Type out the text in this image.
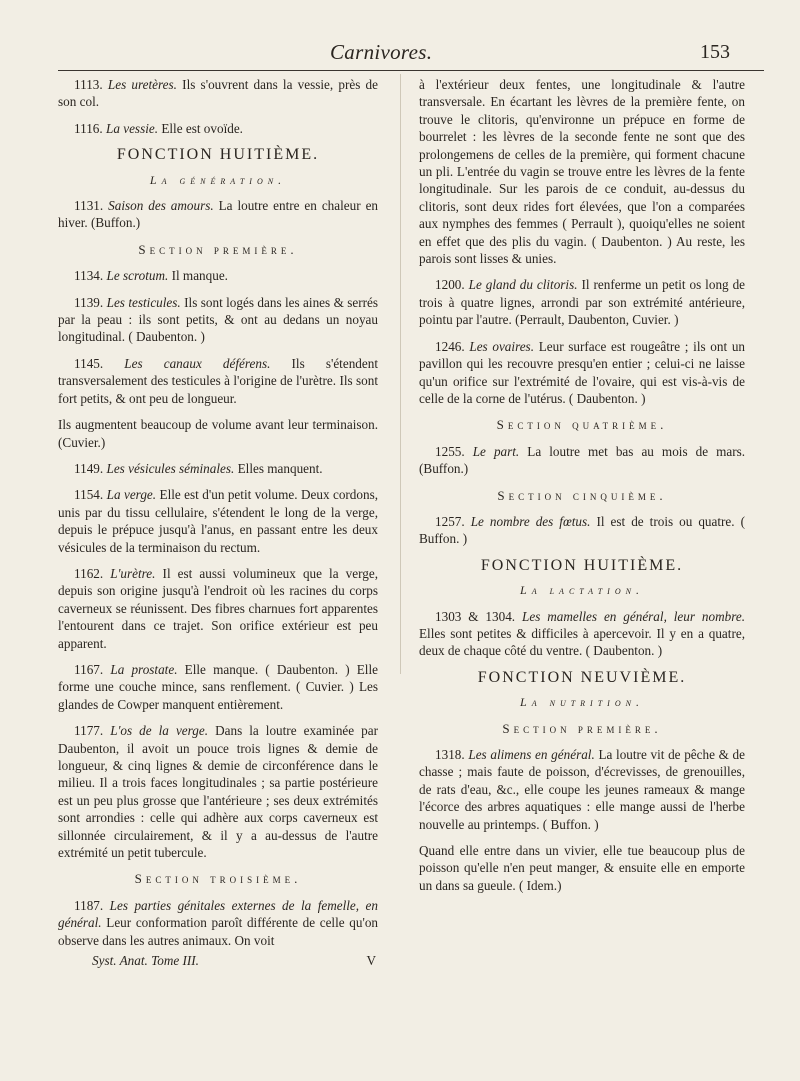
Carnivores.	153

1113. Les uretères. Ils s'ouvrent dans la vessie, près de son col.

1116. La vessie. Elle est ovoïde.

FONCTION HUITIÈME.
La génération.

1131. Saison des amours. La loutre entre en chaleur en hiver. (Buffon.)

Section première.

1134. Le scrotum. Il manque.

1139. Les testicules. Ils sont logés dans les aines & serrés par la peau : ils sont petits, & ont au dedans un noyau longitudinal. ( Daubenton. )

1145. Les canaux déférens. Ils s'étendent transversalement des testicules à l'origine de l'urètre. Ils sont fort petits, & ont peu de longueur.

Ils augmentent beaucoup de volume avant leur terminaison. (Cuvier.)

1149. Les vésicules séminales. Elles manquent.

1154. La verge. Elle est d'un petit volume. Deux cordons, unis par du tissu cellulaire, s'étendent le long de la verge, depuis le prépuce jusqu'à l'anus, en passant entre les deux vésicules de la terminaison du rectum.

1162. L'urètre. Il est aussi volumineux que la verge, depuis son origine jusqu'à l'endroit où les racines du corps caverneux se réunissent. Des fibres charnues fort apparentes l'entourent dans ce trajet. Son orifice extérieur est peu apparent.

1167. La prostate. Elle manque. ( Daubenton. ) Elle forme une couche mince, sans renflement. ( Cuvier. ) Les glandes de Cowper manquent entièrement.

1177. L'os de la verge. Dans la loutre examinée par Daubenton, il avoit un pouce trois lignes & demie de longueur, & cinq lignes & demie de circonférence dans le milieu. Il a trois faces longitudinales ; sa partie postérieure est un peu plus grosse que l'antérieure ; ses deux extrémités sont arrondies : celle qui adhère aux corps caverneux est sillonnée circulairement, & il y a au-dessus de l'autre extrémité un petit tubercule.

Section troisième.

1187. Les parties génitales externes de la femelle, en général. Leur conformation paroît différente de celle qu'on observe dans les autres animaux. On voit

Syst. Anat. Tome III.	V

à l'extérieur deux fentes, une longitudinale & l'autre transversale. En écartant les lèvres de la première fente, on trouve le clitoris, qu'environne un prépuce en forme de bourrelet : les lèvres de la seconde fente ne sont que des prolongemens de celles de la première, qui forment chacune un pli. L'entrée du vagin se trouve entre les lèvres de la fente longitudinale. Sur les parois de ce conduit, au-dessus du clitoris, sont deux rides fort élevées, que l'on a comparées aux nymphes des femmes ( Perrault ), quoiqu'elles ne soient en effet que des plis du vagin. ( Daubenton. ) Au reste, les parois sont lisses & unies.

1200. Le gland du clitoris. Il renferme un petit os long de trois à quatre lignes, arrondi par son extrémité antérieure, pointu par l'autre. (Perrault, Daubenton, Cuvier. )

1246. Les ovaires. Leur surface est rougeâtre ; ils ont un pavillon qui les recouvre presqu'en entier ; celui-ci ne laisse qu'un orifice sur l'extrémité de l'ovaire, qui est vis-à-vis de celle de la corne de l'utérus. ( Daubenton. )

Section quatrième.

1255. Le part. La loutre met bas au mois de mars. (Buffon.)

Section cinquième.

1257. Le nombre des fœtus. Il est de trois ou quatre. ( Buffon. )

FONCTION HUITIÈME.
La lactation.

1303 & 1304. Les mamelles en général, leur nombre. Elles sont petites & difficiles à apercevoir. Il y en a quatre, deux de chaque côté du ventre. ( Daubenton. )

FONCTION NEUVIÈME.
La nutrition.
Section première.

1318. Les alimens en général. La loutre vit de pêche & de chasse ; mais faute de poisson, d'écrevisses, de grenouilles, de rats d'eau, &c., elle coupe les jeunes rameaux & mange l'écorce des arbres aquatiques : elle mange aussi de l'herbe nouvelle au printemps. ( Buffon. )

Quand elle entre dans un vivier, elle tue beaucoup plus de poisson qu'elle n'en peut manger, & ensuite elle en emporte un dans sa gueule. ( Idem.)
